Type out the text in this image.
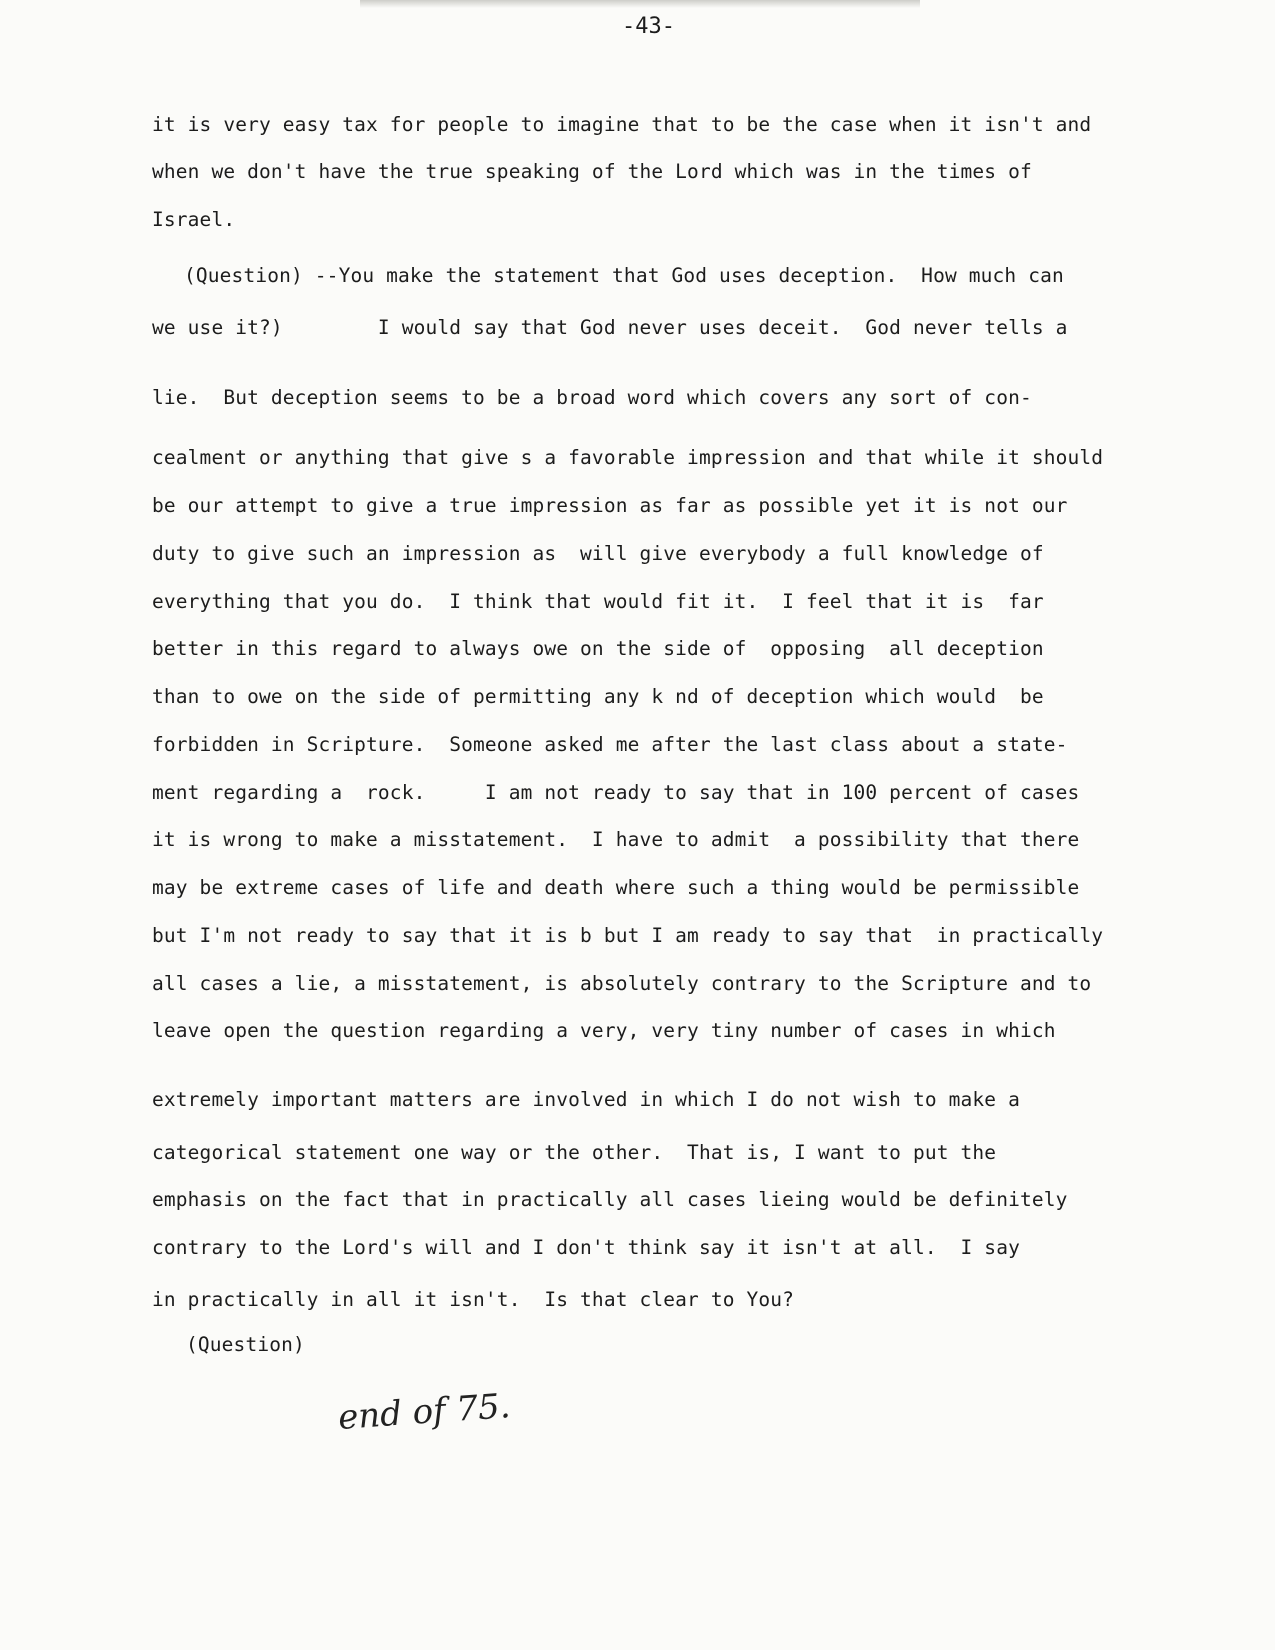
-43-
it is very easy tax for people to imagine that to be the case when it isn't and
when we don't have the true speaking of the Lord which was in the times of
Israel.
(Question) --You make the statement that God uses deception.  How much can
we use it?)        I would say that God never uses deceit.  God never tells a
lie.  But deception seems to be a broad word which covers any sort of con-
cealment or anything that give s a favorable impression and that while it should
be our attempt to give a true impression as far as possible yet it is not our
duty to give such an impression as  will give everybody a full knowledge of
everything that you do.  I think that would fit it.  I feel that it is  far
better in this regard to always owe on the side of  opposing  all deception
than to owe on the side of permitting any k nd of deception which would  be
forbidden in Scripture.  Someone asked me after the last class about a state-
ment regarding a  rock.     I am not ready to say that in 100 percent of cases
it is wrong to make a misstatement.  I have to admit  a possibility that there
may be extreme cases of life and death where such a thing would be permissible
but I'm not ready to say that it is b but I am ready to say that  in practically
all cases a lie, a misstatement, is absolutely contrary to the Scripture and to
leave open the question regarding a very, very tiny number of cases in which
extremely important matters are involved in which I do not wish to make a
categorical statement one way or the other.  That is, I want to put the
emphasis on the fact that in practically all cases lieing would be definitely
contrary to the Lord's will and I don't think say it isn't at all.  I say
in practically in all it isn't.  Is that clear to You?
(Question)
end of 75.
